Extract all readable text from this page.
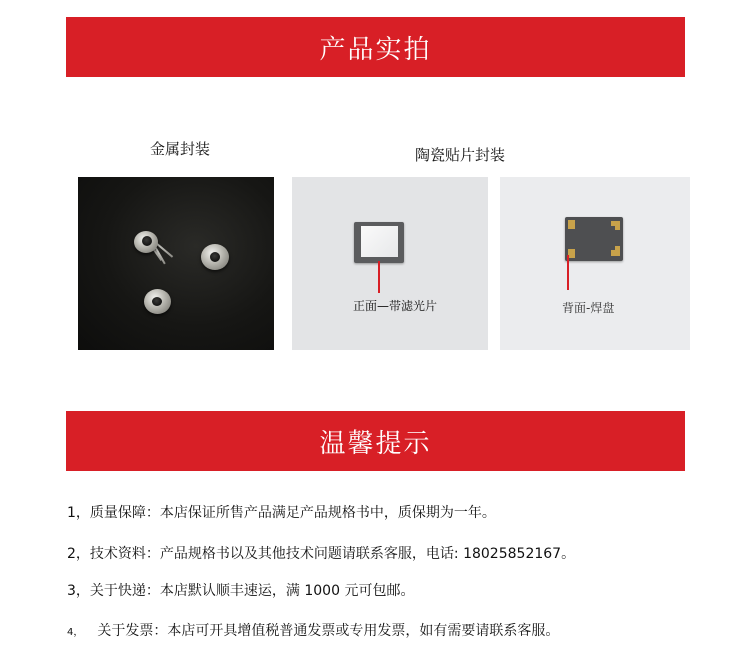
产品实拍
金属封装	陶瓷贴片封装
正面—带滤光片	背面-焊盘
温馨提示
1，质量保障：本店保证所售产品满足产品规格书中，质保期为一年。
2，技术资料：产品规格书以及其他技术问题请联系客服，电话: 18025852167。
3，关于快递：本店默认顺丰速运，满 1000 元可包邮。
4， 关于发票：本店可开具增值税普通发票或专用发票，如有需要请联系客服。
